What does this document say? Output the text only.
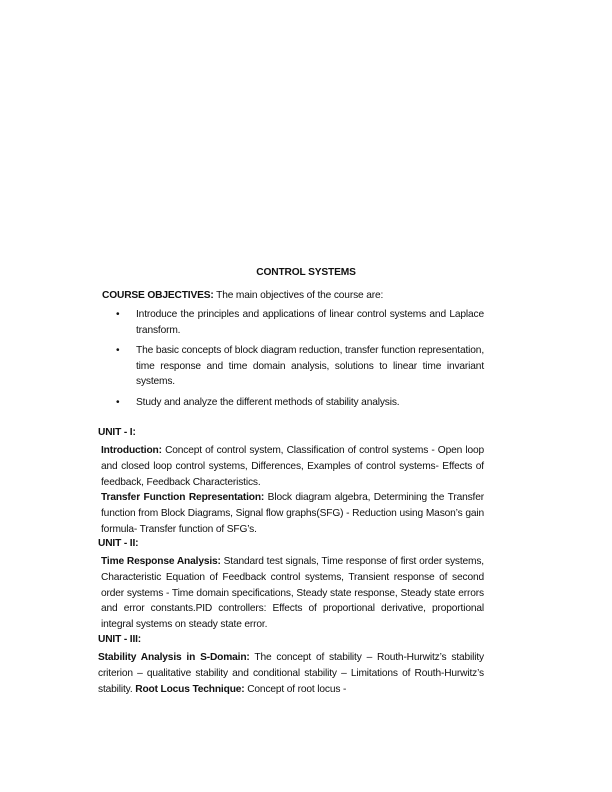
CONTROL SYSTEMS
COURSE OBJECTIVES: The main objectives of the course are:
• Introduce the principles and applications of linear control systems and Laplace transform.
• The basic concepts of block diagram reduction, transfer function representation, time response and time domain analysis, solutions to linear time invariant systems.
• Study and analyze the different methods of stability analysis.
UNIT - I:

Introduction: Concept of control system, Classification of control systems - Open loop and closed loop control systems, Differences, Examples of control systems- Effects of feedback, Feedback Characteristics.

Transfer Function Representation: Block diagram algebra, Determining the Transfer function from Block Diagrams, Signal flow graphs(SFG) - Reduction using Mason’s gain formula- Transfer function of SFG’s.

UNIT - II:

Time Response Analysis: Standard test signals, Time response of first order systems, Characteristic Equation of Feedback control systems, Transient response of second order systems - Time domain specifications, Steady state response, Steady state errors and error constants.PID controllers: Effects of proportional derivative, proportional integral systems on steady state error.

UNIT - III:

Stability Analysis in S-Domain: The concept of stability – Routh-Hurwitz’s stability criterion – qualitative stability and conditional stability – Limitations of Routh-Hurwitz’s stability. Root Locus Technique: Concept of root locus -
